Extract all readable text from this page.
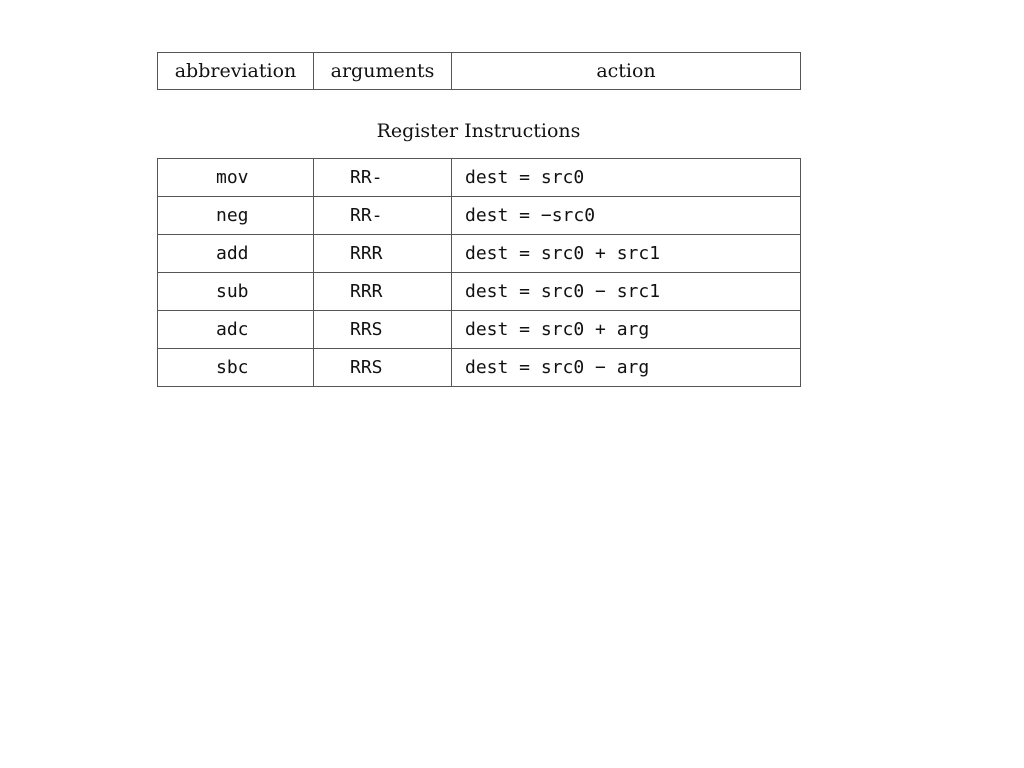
abbreviation	arguments	action
Register Instructions
mov	RR-	dest = src0
neg	RR-	dest = −src0
add	RRR	dest = src0 + src1
sub	RRR	dest = src0 − src1
adc	RRS	dest = src0 + arg
sbc	RRS	dest = src0 − arg
